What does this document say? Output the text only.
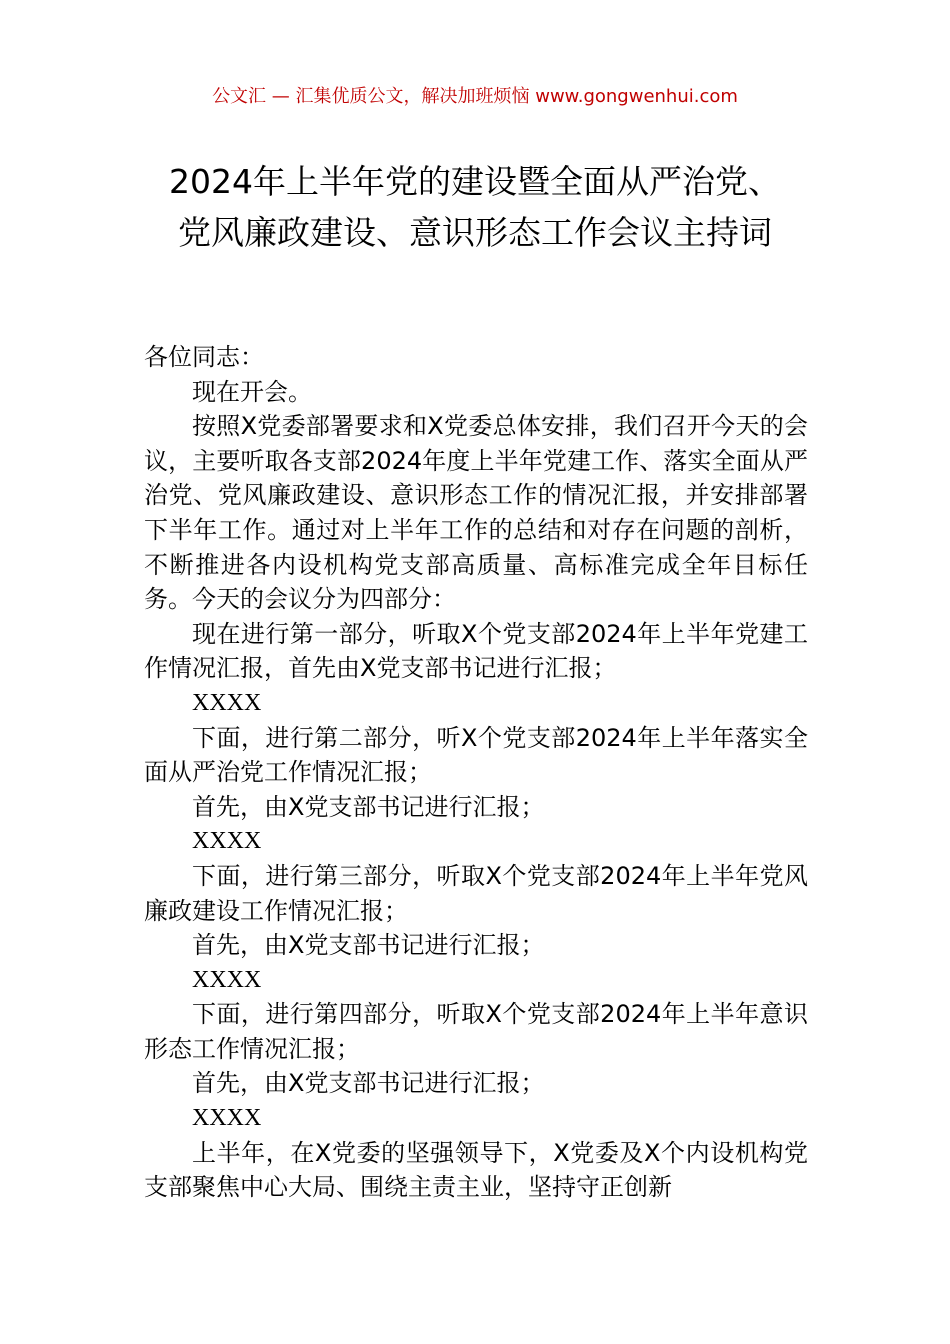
公文汇 — 汇集优质公文，解决加班烦恼 www.gongwenhui.com
2024年上半年党的建设暨全面从严治党、
党风廉政建设、意识形态工作会议主持词

各位同志：

现在开会。

按照X党委部署要求和X党委总体安排，我们召开今天的会议，主要听取各支部2024年度上半年党建工作、落实全面从严治党、党风廉政建设、意识形态工作的情况汇报，并安排部署下半年工作。通过对上半年工作的总结和对存在问题的剖析，不断推进各内设机构党支部高质量、高标准完成全年目标任务。今天的会议分为四部分：

现在进行第一部分，听取X个党支部2024年上半年党建工作情况汇报，首先由X党支部书记进行汇报；

XXXX

下面，进行第二部分，听X个党支部2024年上半年落实全面从严治党工作情况汇报；

首先，由X党支部书记进行汇报；

XXXX

下面，进行第三部分，听取X个党支部2024年上半年党风廉政建设工作情况汇报；

首先，由X党支部书记进行汇报；

XXXX

下面，进行第四部分，听取X个党支部2024年上半年意识形态工作情况汇报；

首先，由X党支部书记进行汇报；

XXXX

上半年，在X党委的坚强领导下，X党委及X个内设机构党支部聚焦中心大局、围绕主责主业，坚持守正创新
